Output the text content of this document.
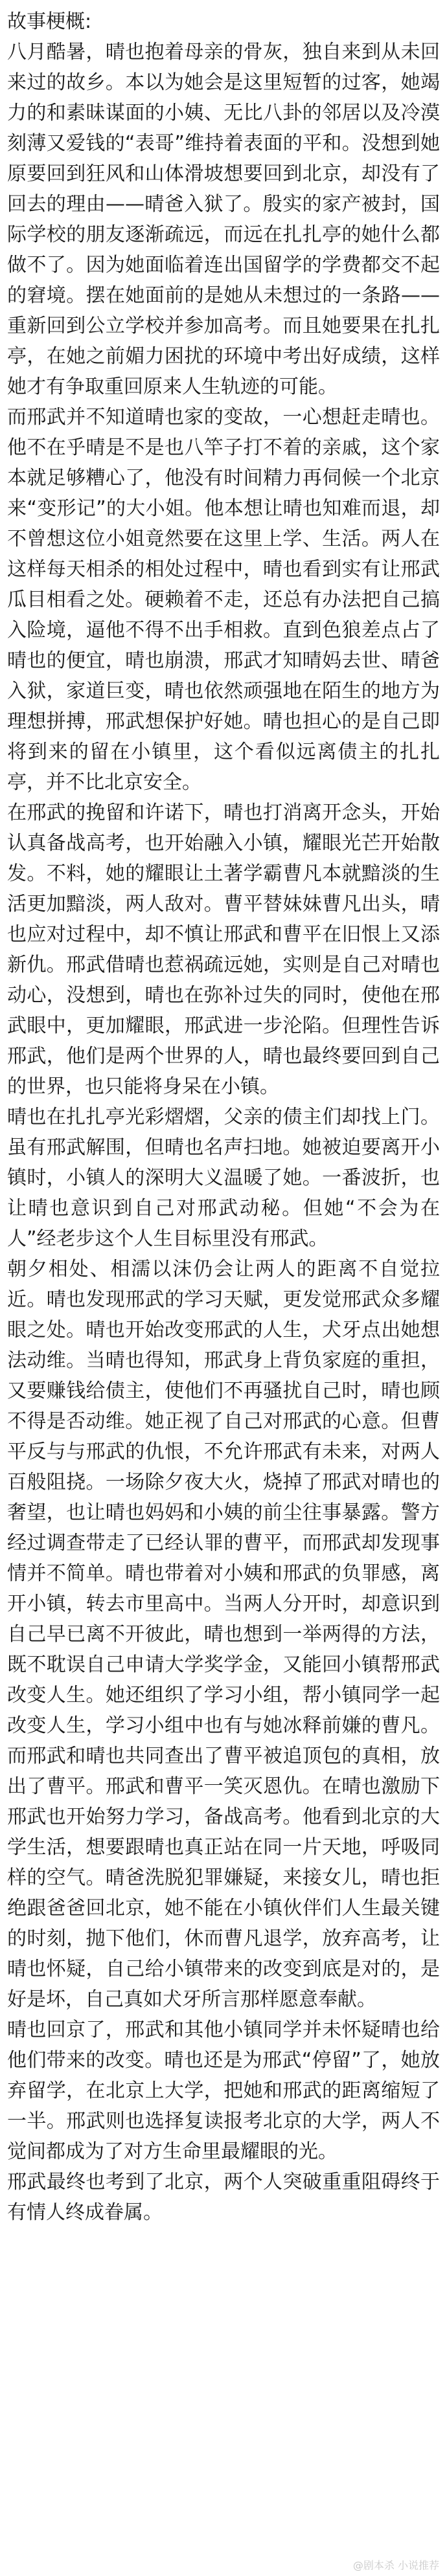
故事梗概:

八月酷暑，晴也抱着母亲的骨灰，独自来到从未回来过的故乡。本以为她会是这里短暂的过客，她竭力的和素昧谋面的小姨、无比八卦的邻居以及冷漠刻薄又爱钱的“表哥”维持着表面的平和。没想到她原要回到狂风和山体滑坡想要回到北京，却没有了回去的理由——晴爸入狱了。殷实的家产被封，国际学校的朋友逐渐疏远，而远在扎扎亭的她什么都做不了。因为她面临着连出国留学的学费都交不起的窘境。摆在她面前的是她从未想过的一条路——重新回到公立学校并参加高考。而且她要果在扎扎亭，在她之前媚力困扰的环境中考出好成绩，这样她才有争取重回原来人生轨迹的可能。

而邢武并不知道晴也家的变故，一心想赶走晴也。他不在乎晴是不是也八竿子打不着的亲戚，这个家本就足够糟心了，他没有时间精力再伺候一个北京来“变形记”的大小姐。他本想让晴也知难而退，却不曾想这位小姐竟然要在这里上学、生活。两人在这样每天相杀的相处过程中，晴也看到实有让邢武瓜目相看之处。硬赖着不走，还总有办法把自己搞入险境，逼他不得不出手相救。直到色狼差点占了晴也的便宜，晴也崩溃，邢武才知晴妈去世、晴爸入狱，家道巨变，晴也依然顽强地在陌生的地方为理想拼搏，邢武想保护好她。晴也担心的是自己即将到来的留在小镇里，这个看似远离债主的扎扎亭，并不比北京安全。

在邢武的挽留和许诺下，晴也打消离开念头，开始认真备战高考，也开始融入小镇，耀眼光芒开始散发。不料，她的耀眼让土著学霸曹凡本就黯淡的生活更加黯淡，两人敌对。曹平替妹妹曹凡出头，晴也应对过程中，却不慎让邢武和曹平在旧恨上又添新仇。邢武借晴也惹祸疏远她，实则是自己对晴也动心，没想到，晴也在弥补过失的同时，使他在邢武眼中，更加耀眼，邢武进一步沦陷。但理性告诉邢武，他们是两个世界的人，晴也最终要回到自己的世界，也只能将身呆在小镇。

晴也在扎扎亭光彩熠熠，父亲的债主们却找上门。虽有邢武解围，但晴也名声扫地。她被迫要离开小镇时，小镇人的深明大义温暖了她。一番波折，也让晴也意识到自己对邢武动秘。但她“不会为在人”经老步这个人生目标里没有邢武。

朝夕相处、相濡以沫仍会让两人的距离不自觉拉近。晴也发现邢武的学习天赋，更发觉邢武众多耀眼之处。晴也开始改变邢武的人生，犬牙点出她想法动维。当晴也得知，邢武身上背负家庭的重担，又要赚钱给债主，使他们不再骚扰自己时，晴也顾不得是否动维。她正视了自己对邢武的心意。但曹平反与与邢武的仇恨，不允许邢武有未来，对两人百般阻挠。一场除夕夜大火，烧掉了邢武对晴也的奢望，也让晴也妈妈和小姨的前尘往事暴露。警方经过调查带走了已经认罪的曹平，而邢武却发现事情并不简单。晴也带着对小姨和邢武的负罪感，离开小镇，转去市里高中。当两人分开时，却意识到自己早已离不开彼此，晴也想到一举两得的方法，既不耽误自己申请大学奖学金，又能回小镇帮邢武改变人生。她还组织了学习小组，帮小镇同学一起改变人生，学习小组中也有与她冰释前嫌的曹凡。而邢武和晴也共同查出了曹平被追顶包的真相，放出了曹平。邢武和曹平一笑灭恩仇。在晴也激励下邢武也开始努力学习，备战高考。他看到北京的大学生活，想要跟晴也真正站在同一片天地，呼吸同样的空气。晴爸洗脱犯罪嫌疑，来接女儿，晴也拒绝跟爸爸回北京，她不能在小镇伙伴们人生最关键的时刻，抛下他们，休而曹凡退学，放弃高考，让晴也怀疑，自己给小镇带来的改变到底是对的，是好是坏，自己真如犬牙所言那样愿意奉献。

晴也回京了，邢武和其他小镇同学并未怀疑晴也给他们带来的改变。晴也还是为邢武“停留”了，她放弃留学，在北京上大学，把她和邢武的距离缩短了一半。邢武则也选择复读报考北京的大学，两人不觉间都成为了对方生命里最耀眼的光。

邢武最终也考到了北京，两个人突破重重阻碍终于有情人终成眷属。

@剧本杀 小说推荐
